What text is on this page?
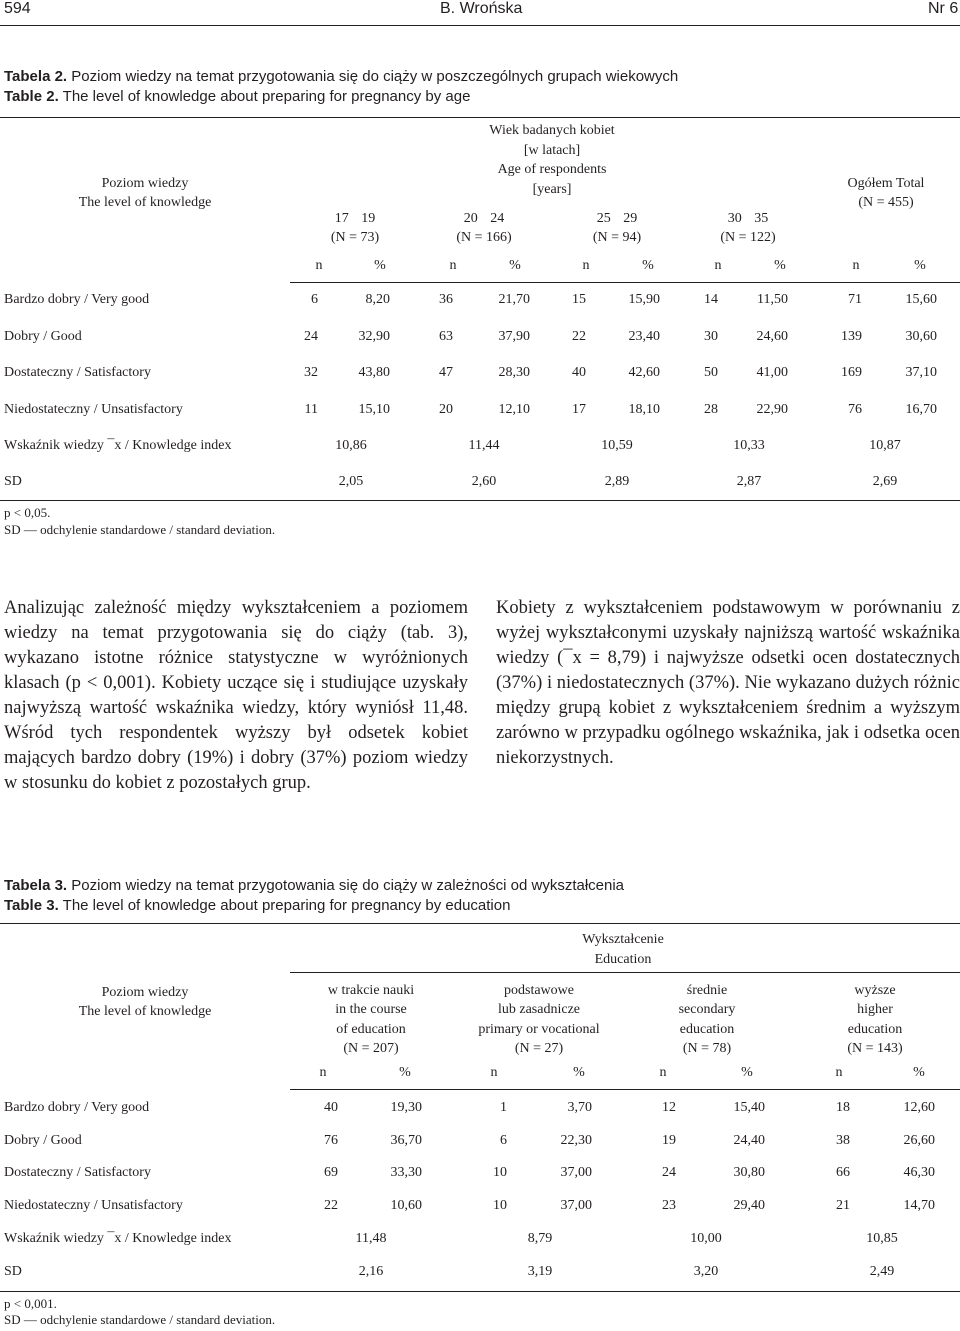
594	B. Wrońska	Nr 6
Tabela 2. Poziom wiedzy na temat przygotowania się do ciąży w poszczególnych grupach wiekowych
Table 2. The level of knowledge about preparing for pregnancy by age
Poziom wiedzy
The level of knowledge
Wiek badanych kobiet
[w latach]
Age of respondents
[years]
17 19
(N = 73)
20 24
(N = 166)
25 29
(N = 94)
30 35
(N = 122)
Ogółem Total
(N = 455)
n	%	n	%	n	%	n	%	n	%
Bardzo dobry / Very good	6	8,20	36	21,70	15	15,90	14	11,50	71	15,60
Dobry / Good	24	32,90	63	37,90	22	23,40	30	24,60	139	30,60
Dostateczny / Satisfactory	32	43,80	47	28,30	40	42,60	50	41,00	169	37,10
Niedostateczny / Unsatisfactory	11	15,10	20	12,10	17	18,10	28	22,90	76	16,70
Wskaźnik wiedzy ¯x / Knowledge index	10,86	11,44	10,59	10,33	10,87
SD	2,05	2,60	2,89	2,87	2,69
p < 0,05.
SD — odchylenie standardowe / standard deviation.
Analizując zależność między wykształceniem a poziomem wiedzy na temat przygotowania się do ciąży (tab. 3), wykazano istotne różnice statystyczne w wyróżnionych klasach (p < 0,001). Kobiety uczące się i studiujące uzyskały najwyższą wartość wskaźnika wiedzy, który wyniósł 11,48. Wśród tych respondentek wyższy był odsetek kobiet mających bardzo dobry (19%) i dobry (37%) poziom wiedzy w stosunku do kobiet z pozostałych grup.
Kobiety z wykształceniem podstawowym w porównaniu z wyżej wykształconymi uzyskały najniższą wartość wskaźnika wiedzy (¯x = 8,79) i najwyższe odsetki ocen dostatecznych (37%) i niedostatecznych (37%). Nie wykazano dużych różnic między grupą kobiet z wykształceniem średnim a wyższym zarówno w przypadku ogólnego wskaźnika, jak i odsetka ocen niekorzystnych.
Tabela 3. Poziom wiedzy na temat przygotowania się do ciąży w zależności od wykształcenia
Table 3. The level of knowledge about preparing for pregnancy by education
Poziom wiedzy
The level of knowledge
Wykształcenie
Education
w trakcie nauki
in the course
of education
(N = 207)
podstawowe
lub zasadnicze
primary or vocational
(N = 27)
średnie
secondary
education
(N = 78)
wyższe
higher
education
(N = 143)
n	%	n	%	n	%	n	%
Bardzo dobry / Very good	40	19,30	1	3,70	12	15,40	18	12,60
Dobry / Good	76	36,70	6	22,30	19	24,40	38	26,60
Dostateczny / Satisfactory	69	33,30	10	37,00	24	30,80	66	46,30
Niedostateczny / Unsatisfactory	22	10,60	10	37,00	23	29,40	21	14,70
Wskaźnik wiedzy ¯x / Knowledge index	11,48	8,79	10,00	10,85
SD	2,16	3,19	3,20	2,49
p < 0,001.
SD — odchylenie standardowe / standard deviation.
